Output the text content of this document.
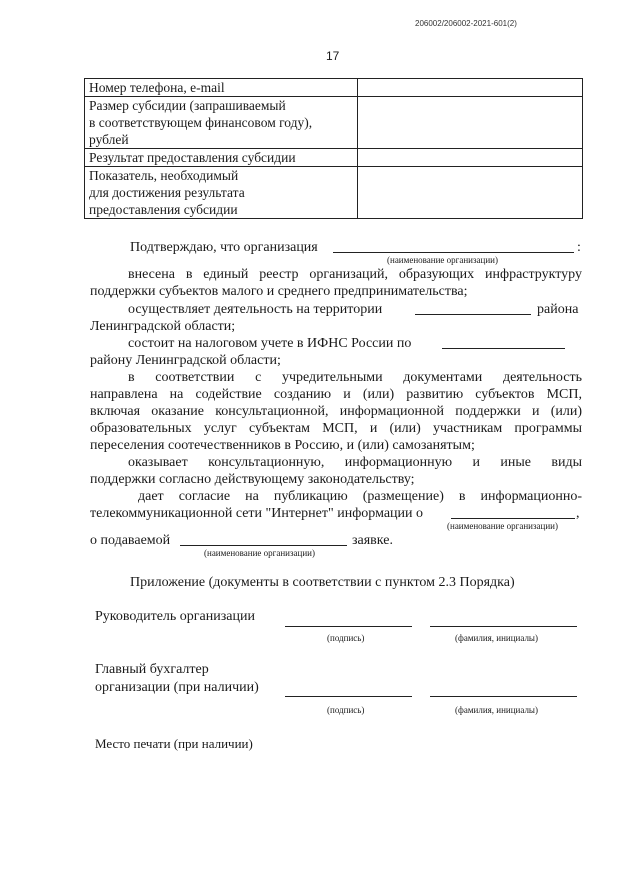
206002/206002-2021-601(2)
17
Номер телефона, e-mail	

Размер субсидии (запрашиваемый
в соответствующем финансовом году),
рублей	

Результат предоставления субсидии	

Показатель, необходимый
для достижения результата
предоставления субсидии	

Подтверждаю, что организация	:
(наименование организации)
внесена в единый реестр организаций, образующих инфраструктуру
поддержки субъектов малого и среднего предпринимательства;
осуществляет деятельность на территории	района
Ленинградской области;
состоит на налоговом учете в ИФНС России по
району Ленинградской области;
в соответствии с учредительными документами деятельность
направлена на содействие созданию и (или) развитию субъектов МСП,
включая оказание консультационной, информационной поддержки и (или)
образовательных услуг субъектам МСП, и (или) участникам программы
переселения соотечественников в Россию, и (или) самозанятым;
оказывает консультационную, информационную и иные виды
поддержки согласно действующему законодательству;
дает согласие на публикацию (размещение) в информационно-
телекоммуникационной сети "Интернет" информации о	,
(наименование организации)
о подаваемой	заявке.
(наименование организации)
Приложение (документы в соответствии с пунктом 2.3 Порядка)
Руководитель организации
(подпись)	(фамилия, инициалы)
Главный бухгалтер
организации (при наличии)
(подпись)	(фамилия, инициалы)
Место печати (при наличии)
